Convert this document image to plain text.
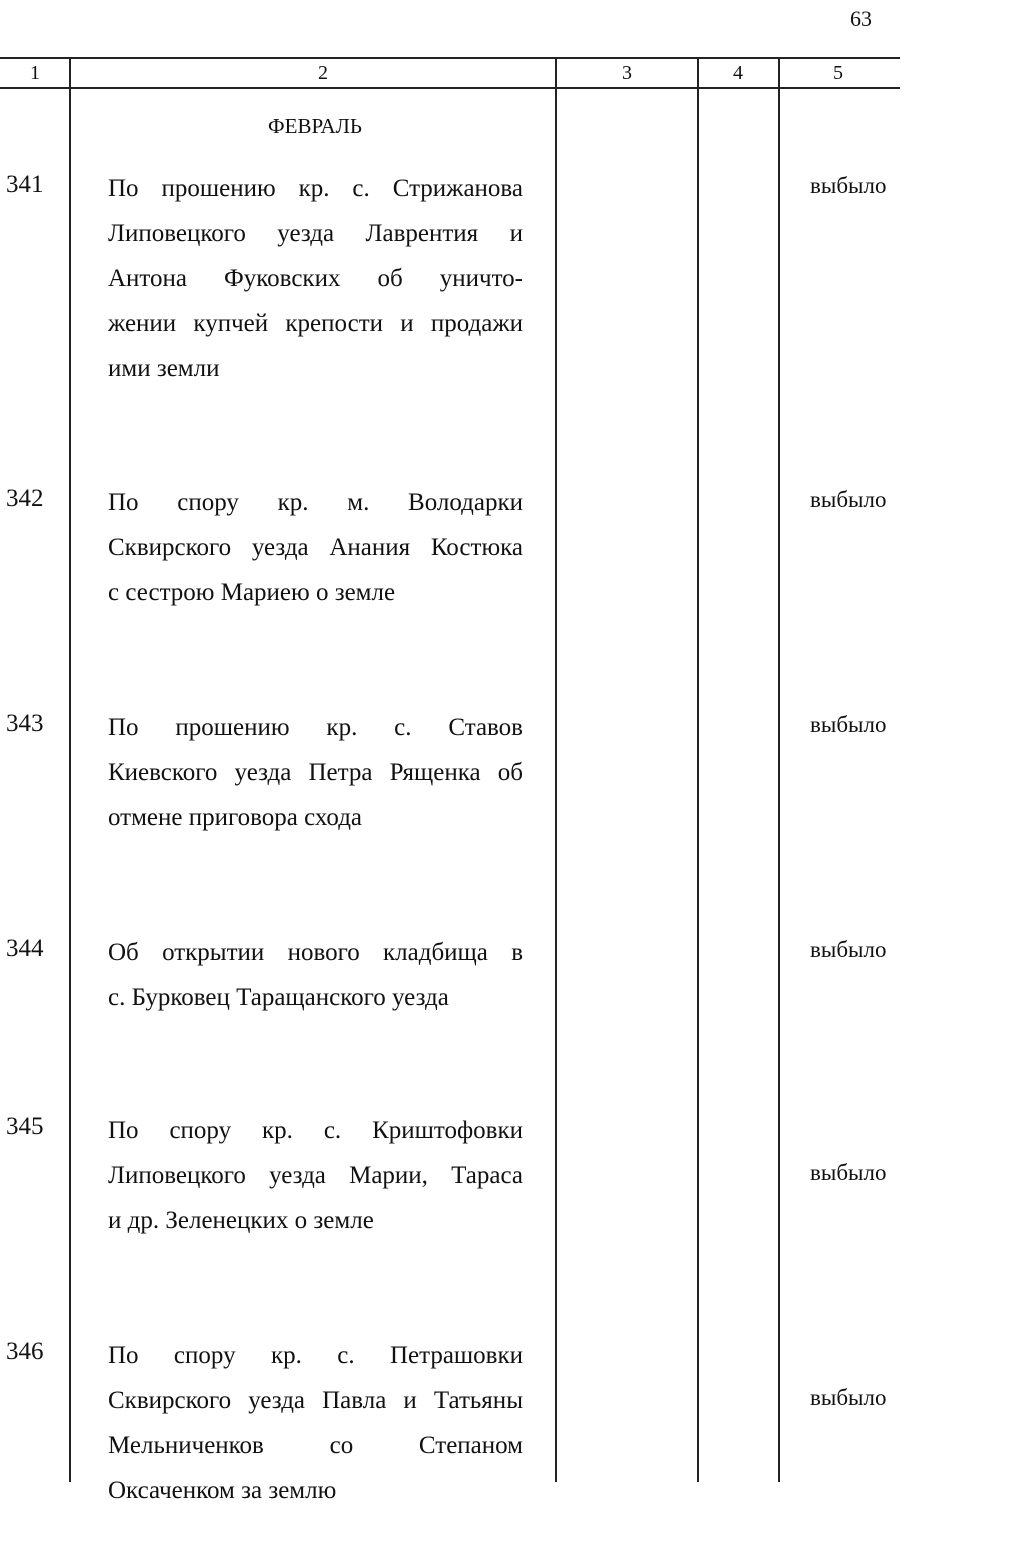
63
1	2	3	4	5
ФЕВРАЛЬ
341	По прошению кр. с. Стрижанова
Липовецкого уезда Лаврентия и
Антона Фуковских об уничто-
жении купчей крепости и продажи
ими земли
выбыло
342	По спору кр. м. Володарки
Сквирского уезда Анания Костюка
с сестрою Мариею о земле
выбыло
343	По прошению кр. с. Ставов
Киевского уезда Петра Рященка об
отмене приговора схода
выбыло
344	Об открытии нового кладбища в
с. Бурковец Таращанского уезда
выбыло
345	По спору кр. с. Криштофовки
Липовецкого уезда Марии, Тараса
и др. Зеленецких о земле
выбыло
346	По спору кр. с. Петрашовки
Сквирского уезда Павла и Татьяны
Мельниченков со Степаном
Оксаченком за землю
выбыло
